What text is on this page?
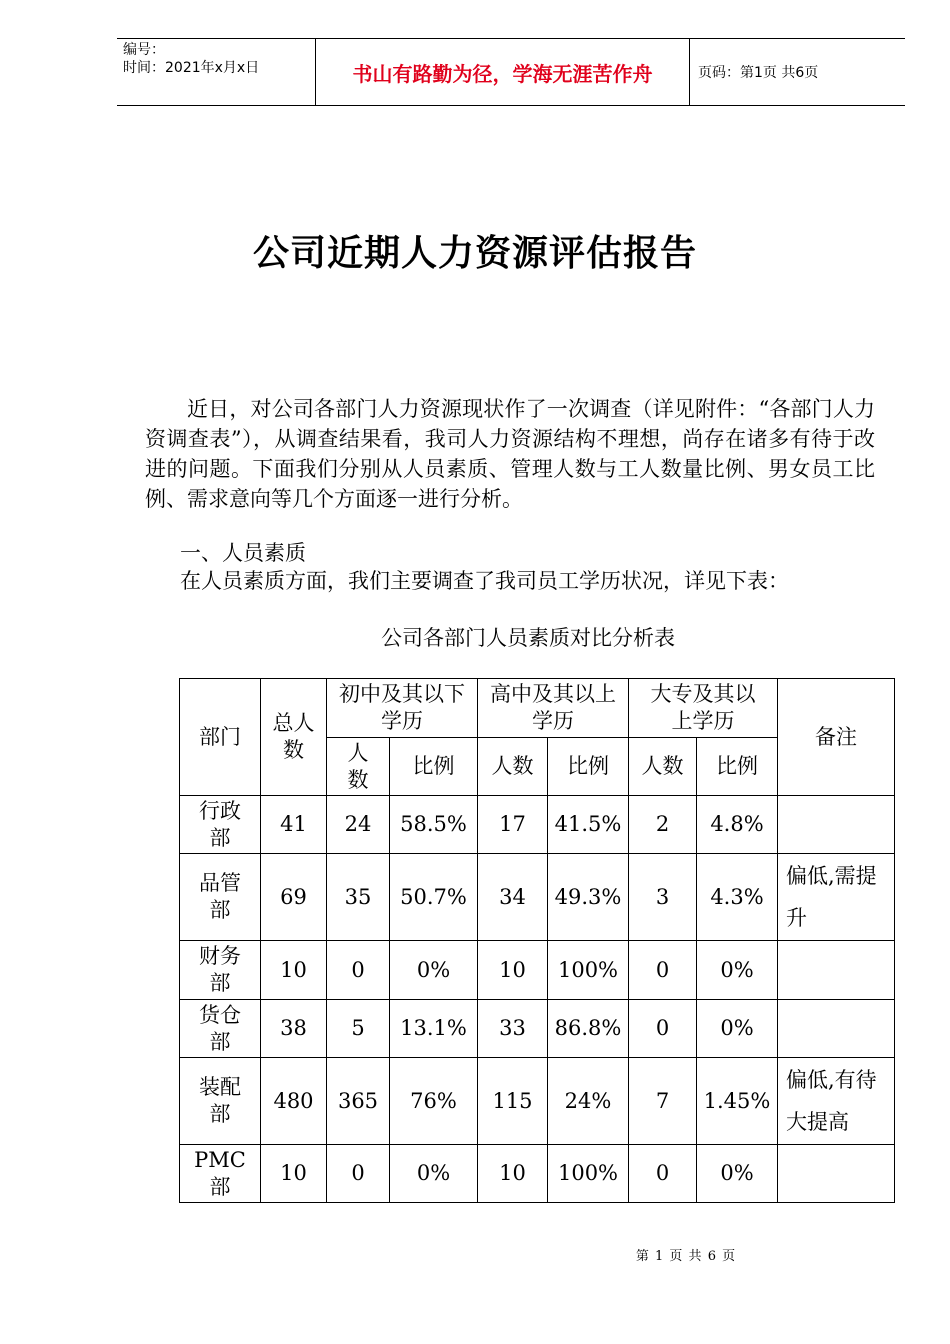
编号：
时间：2021年x月x日	书山有路勤为径，学海无涯苦作舟	页码：第1页 共6页
公司近期人力资源评估报告
近日，对公司各部门人力资源现状作了一次调查（详见附件：“各部门人力资调查表”），从调查结果看，我司人力资源结构不理想，尚存在诸多有待于改进的问题。下面我们分别从人员素质、管理人数与工人数量比例、男女员工比例、需求意向等几个方面逐一进行分析。
一、人员素质
在人员素质方面，我们主要调查了我司员工学历状况，详见下表：
公司各部门人员素质对比分析表
部门	总人数	初中及其以下学历		高中及其以上学历		大专及其以上学历		备注

		人数	比例	人数	比例	人数	比例	

行政部	41	24	58.5%	17	41.5%	2	4.8%	

品管部	69	35	50.7%	34	49.3%	3	4.3%	偏低,需提升

财务部	10	0	0%	10	100%	0	0%	

货仓部	38	5	13.1%	33	86.8%	0	0%	

装配部	480	365	76%	115	24%	7	1.45%	偏低,有待大提高

PMC部	10	0	0%	10	100%	0	0%	
第 1 页 共 6 页
